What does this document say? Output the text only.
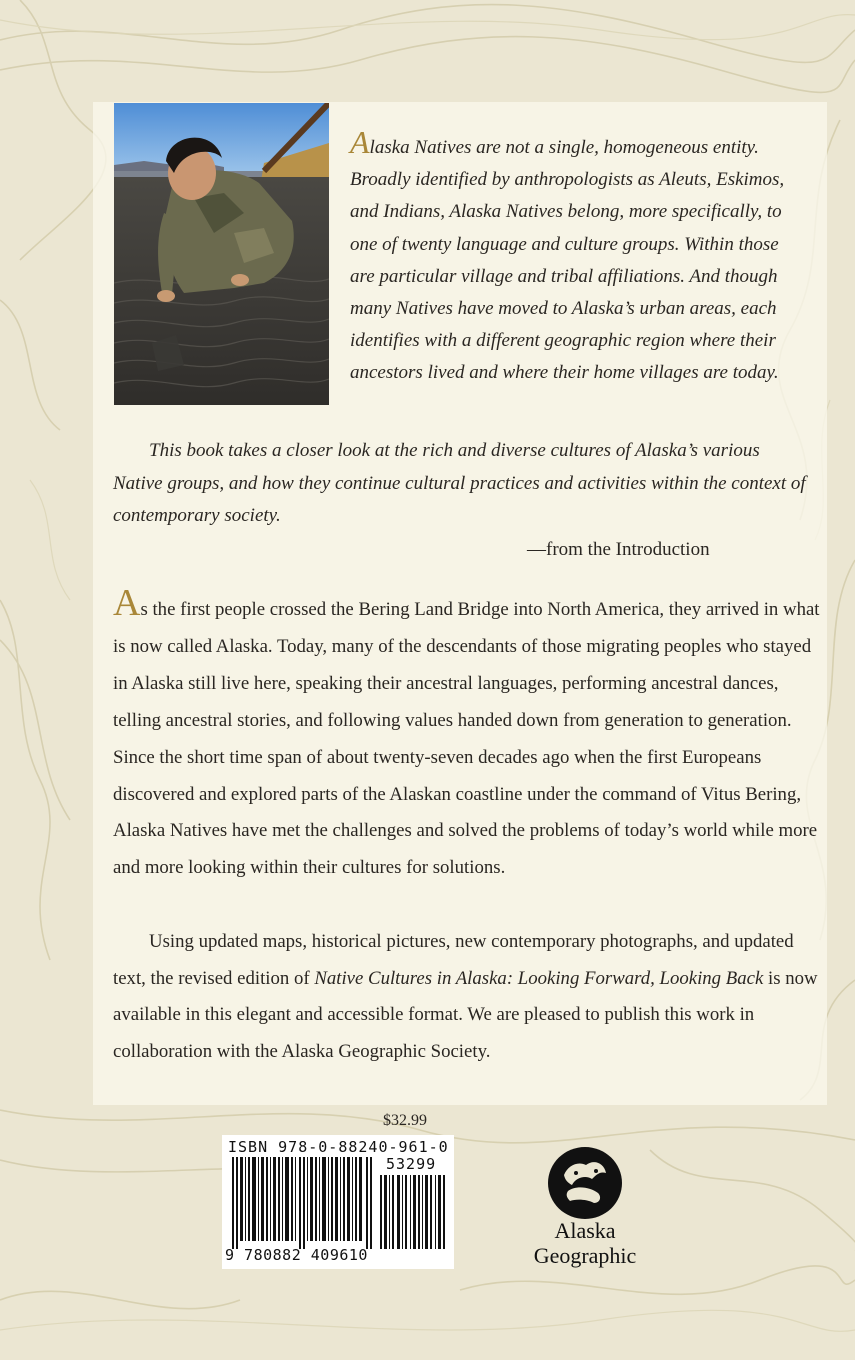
Alaska Natives are not a single, homogeneous entity. Broadly identified by anthropologists as Aleuts, Eskimos, and Indians, Alaska Natives belong, more specifically, to one of twenty language and culture groups. Within those are particular village and tribal affiliations. And though many Natives have moved to Alaska’s urban areas, each identifies with a different geographic region where their ancestors lived and where their home villages are today.

This book takes a closer look at the rich and diverse cultures of Alaska’s various Native groups, and how they continue cultural practices and activities within the context of contemporary society.

—from the Introduction

As the first people crossed the Bering Land Bridge into North America, they arrived in what is now called Alaska. Today, many of the descendants of those migrating peoples who stayed in Alaska still live here, speaking their ancestral languages, performing ancestral dances, telling ancestral stories, and following values handed down from generation to generation. Since the short time span of about twenty-seven decades ago when the first Europeans discovered and explored parts of the Alaskan coastline under the command of Vitus Bering, Alaska Natives have met the challenges and solved the problems of today’s world while more and more looking within their cultures for solutions.

Using updated maps, historical pictures, new contemporary photographs, and updated text, the revised edition of Native Cultures in Alaska: Looking Forward, Looking Back is now available in this elegant and accessible format. We are pleased to publish this work in collaboration with the Alaska Geographic Society.

$32.99
ISBN 978-0-88240-961-0
53299
9 780882 409610
Alaska
Geographic
